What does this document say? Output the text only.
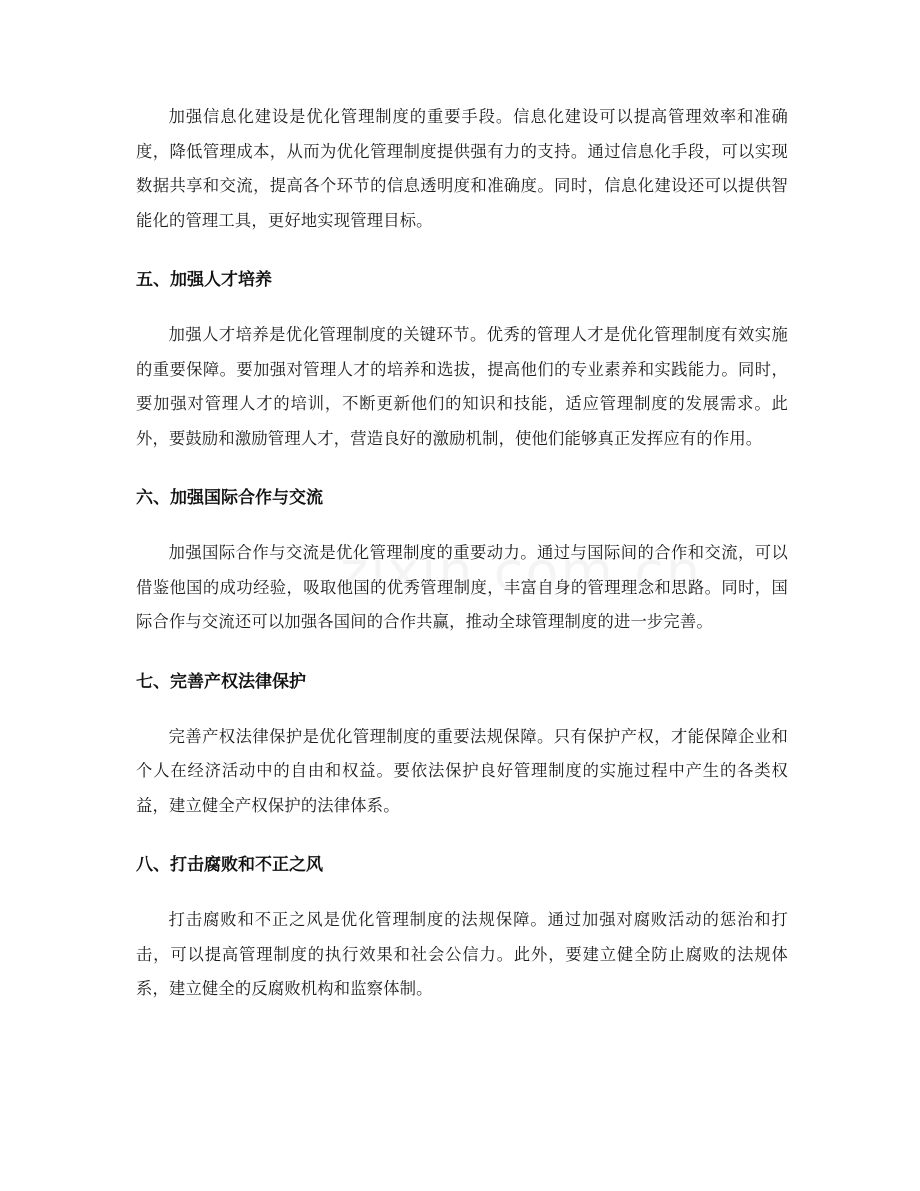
加强信息化建设是优化管理制度的重要手段。信息化建设可以提高管理效率和准确度，降低管理成本，从而为优化管理制度提供强有力的支持。通过信息化手段，可以实现数据共享和交流，提高各个环节的信息透明度和准确度。同时，信息化建设还可以提供智能化的管理工具，更好地实现管理目标。

五、加强人才培养

加强人才培养是优化管理制度的关键环节。优秀的管理人才是优化管理制度有效实施的重要保障。要加强对管理人才的培养和选拔，提高他们的专业素养和实践能力。同时，要加强对管理人才的培训，不断更新他们的知识和技能，适应管理制度的发展需求。此外，要鼓励和激励管理人才，营造良好的激励机制，使他们能够真正发挥应有的作用。

六、加强国际合作与交流

加强国际合作与交流是优化管理制度的重要动力。通过与国际间的合作和交流，可以借鉴他国的成功经验，吸取他国的优秀管理制度，丰富自身的管理理念和思路。同时，国际合作与交流还可以加强各国间的合作共赢，推动全球管理制度的进一步完善。

七、完善产权法律保护

完善产权法律保护是优化管理制度的重要法规保障。只有保护产权，才能保障企业和个人在经济活动中的自由和权益。要依法保护良好管理制度的实施过程中产生的各类权益，建立健全产权保护的法律体系。

八、打击腐败和不正之风

打击腐败和不正之风是优化管理制度的法规保障。通过加强对腐败活动的惩治和打击，可以提高管理制度的执行效果和社会公信力。此外，要建立健全防止腐败的法规体系，建立健全的反腐败机构和监察体制。
